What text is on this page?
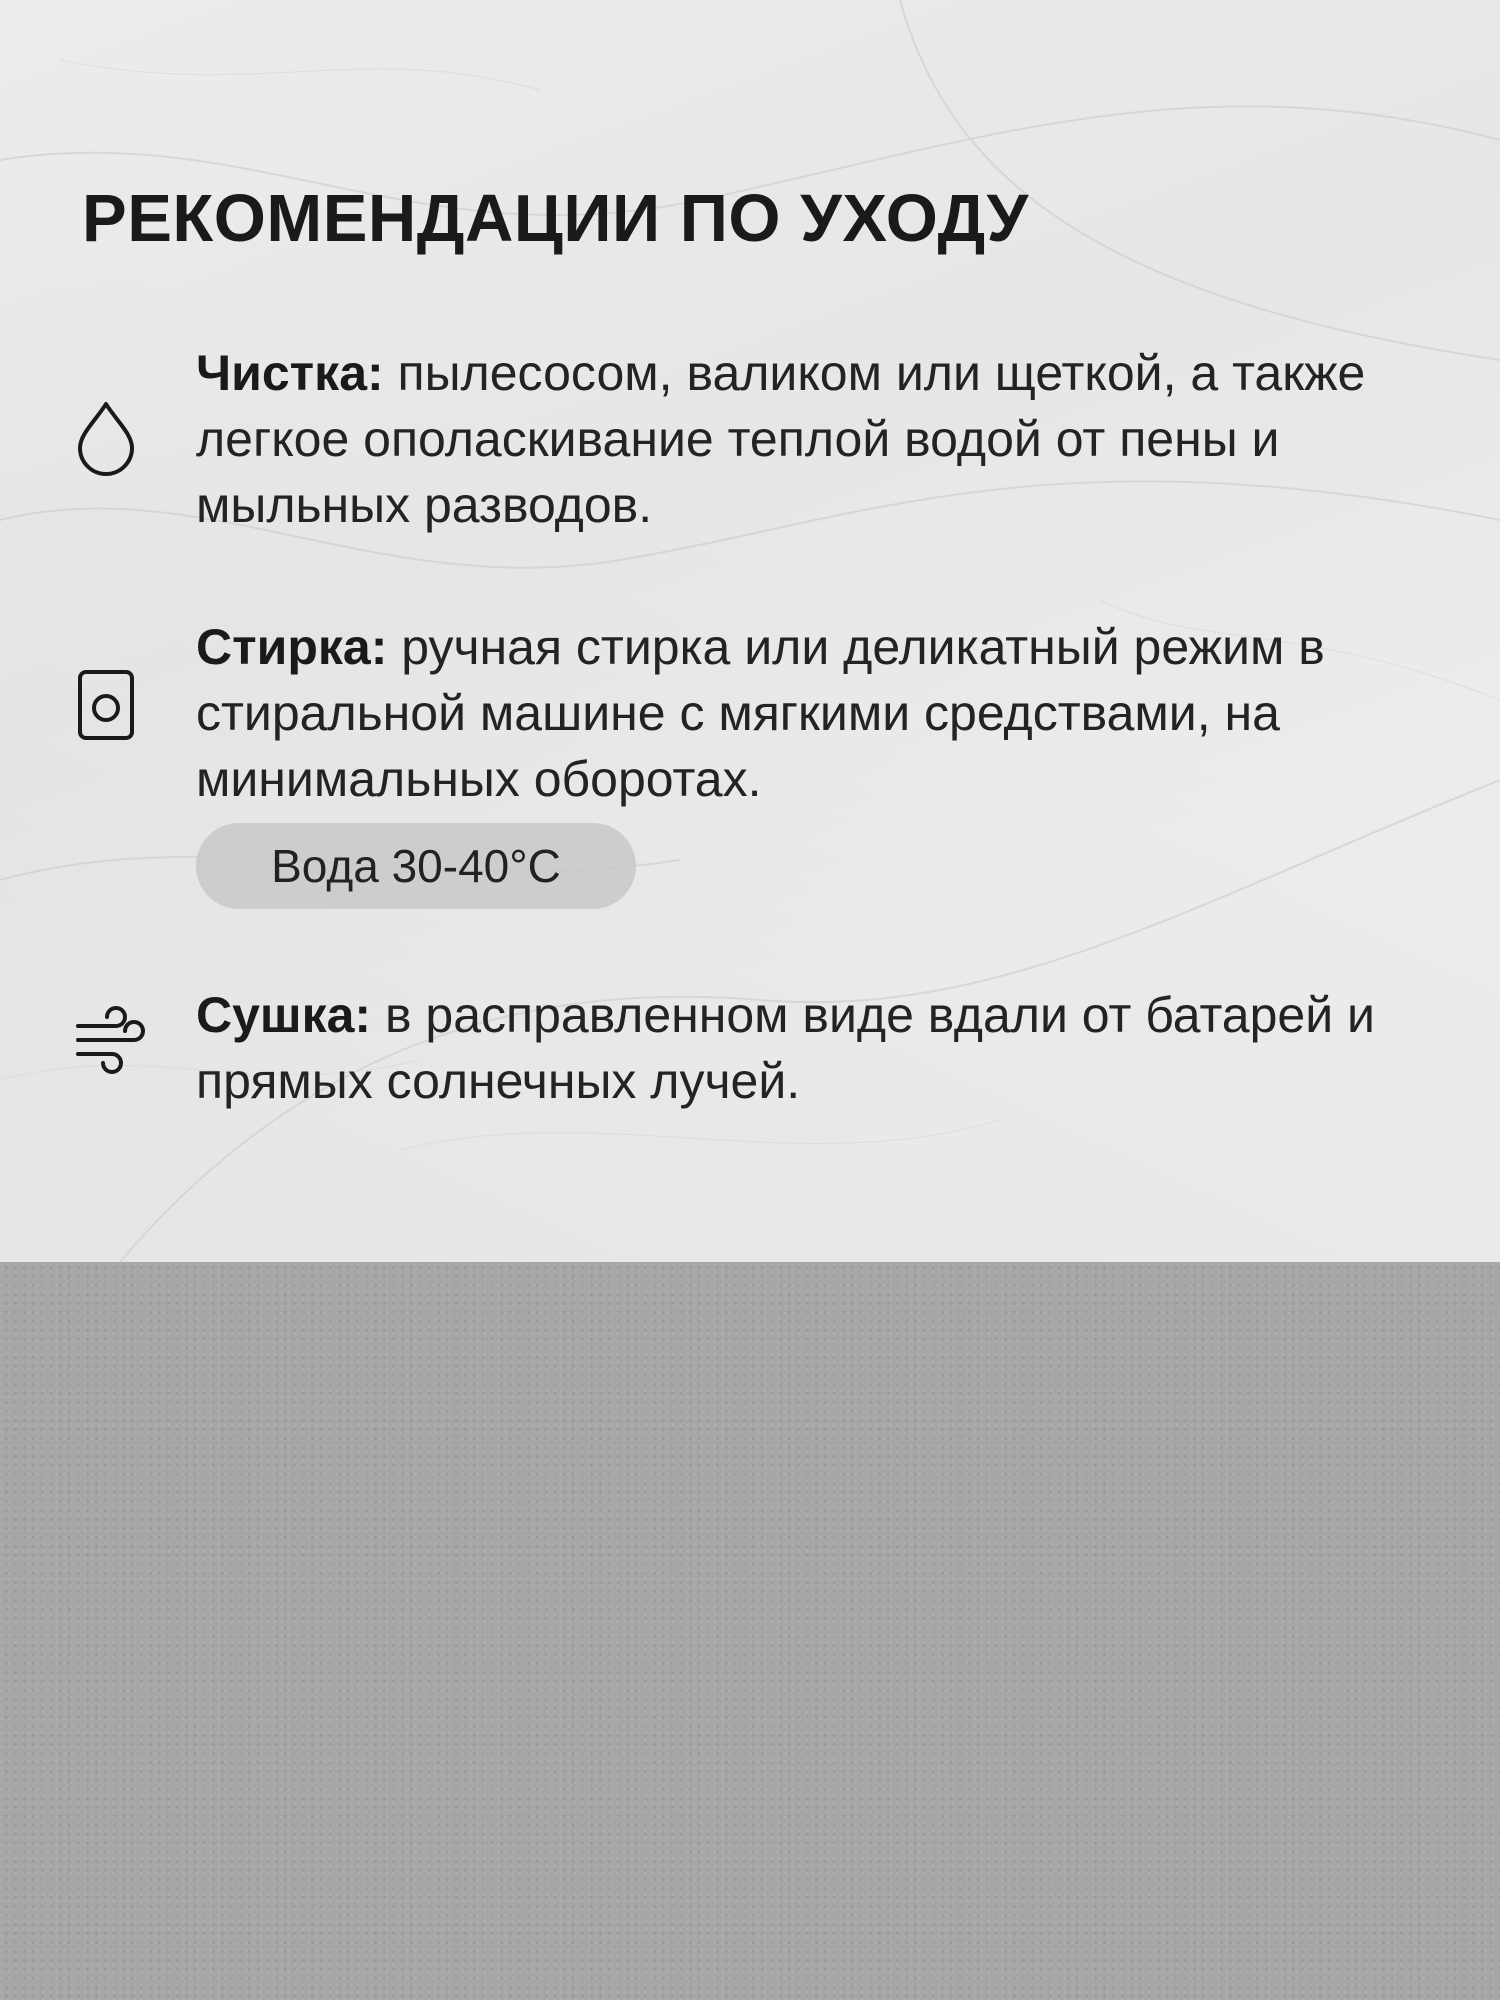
РЕКОМЕНДАЦИИ ПО УХОДУ
Чистка: пылесосом, валиком или щеткой, а также легкое ополаскивание теплой водой от пены и мыльных разводов.
Стирка: ручная стирка или деликатный режим в стиральной машине с мягкими средствами, на минимальных оборотах.
Вода 30-40°С
Сушка: в расправленном виде вдали от батарей и прямых солнечных лучей.
